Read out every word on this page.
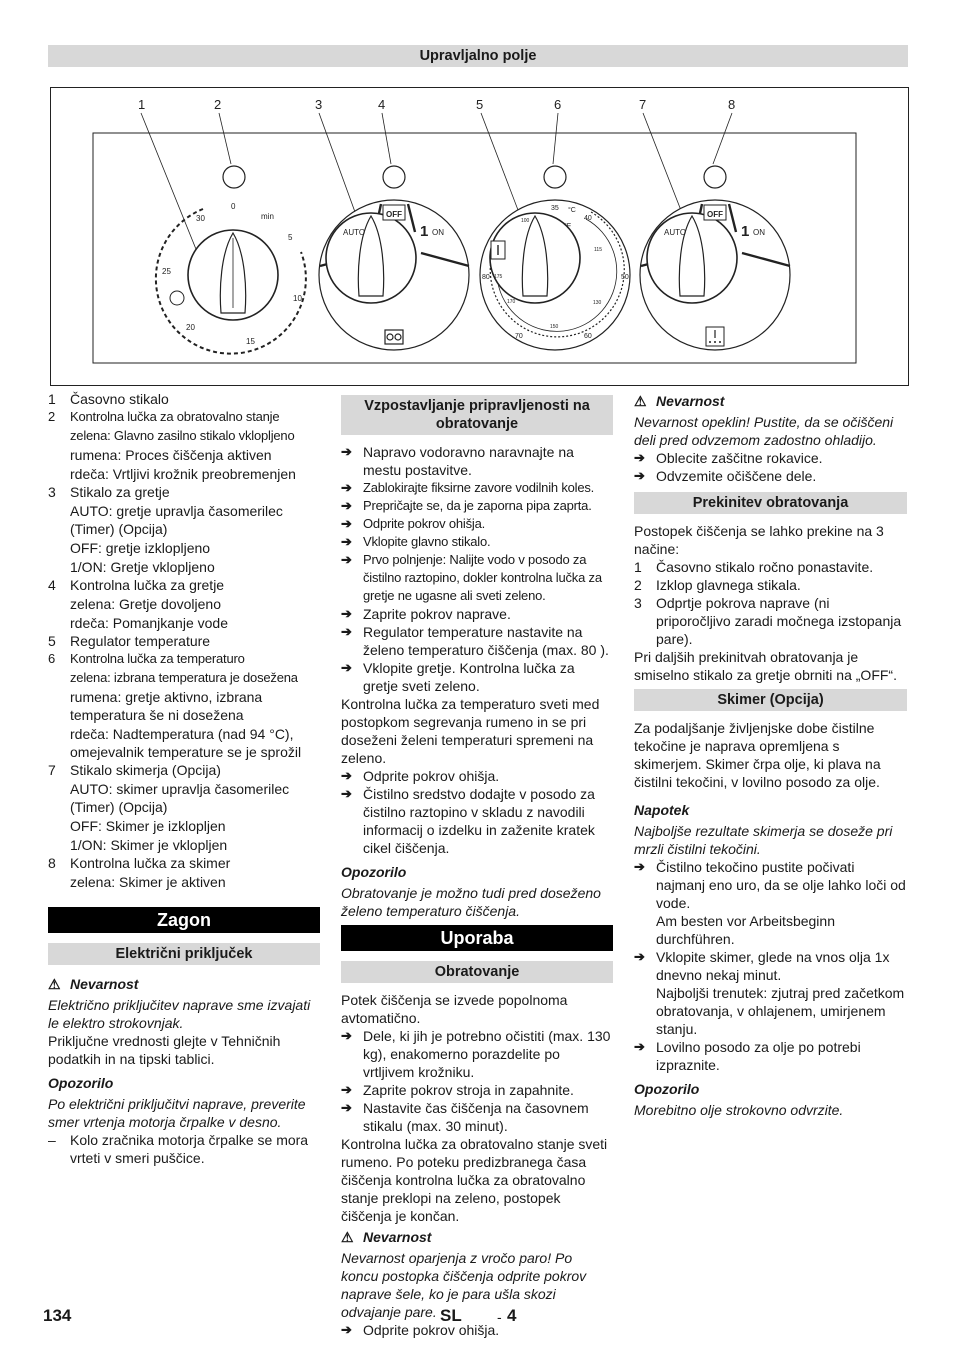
Upravljalno polje
1	2	3	4	5	6	7	8
0
min
5
10
15
20
25
30	OFF
AUTO	1 ON
35 °C
40
50
60
70
80
°F
150
130
115
175
170
100
OFF
AUTO	1 ON
1	Časovno stikalo
2	Kontrolna lučka za obratovalno stanje
zelena: Glavno zasilno stikalo vklopljeno
rumena: Proces čiščenja aktiven
rdeča: Vrtljivi krožnik preobremenjen
3	Stikalo za gretje
AUTO: gretje upravlja časomerilec (Timer) (Opcija)
OFF: gretje izklopljeno
1/ON: Gretje vklopljeno
4	Kontrolna lučka za gretje
zelena: Gretje dovoljeno
rdeča: Pomanjkanje vode
5	Regulator temperature
6	Kontrolna lučka za temperaturo
zelena: izbrana temperatura je dosežena
rumena: gretje aktivno, izbrana temperatura še ni dosežena
rdeča: Nadtemperatura (nad 94 °C), omejevalnik temperature se je sprožil
7	Stikalo skimerja (Opcija)
AUTO: skimer upravlja časomerilec (Timer) (Opcija)
OFF: Skimer je izklopljen
1/ON: Skimer je vklopljen
8	Kontrolna lučka za skimer
zelena: Skimer je aktiven
Zagon
Električni priključek
⚠ Nevarnost
Električno priključitev naprave sme izvajati le elektro strokovnjak.
Priključne vrednosti glejte v Tehničnih podatkih in na tipski tablici.
Opozorilo
Po električni priključitvi naprave, preverite smer vrtenja motorja črpalke v desno.
–	Kolo zračnika motorja črpalke se mora vrteti v smeri puščice.
Vzpostavljanje pripravljenosti na obratovanje
➔ Napravo vodoravno naravnajte na mestu postavitve.
➔ Zablokirajte fiksirne zavore vodilnih koles.
➔ Prepričajte se, da je zaporna pipa zaprta.
➔ Odprite pokrov ohišja.
➔ Vklopite glavno stikalo.
➔ Prvo polnjenje: Nalijte vodo v posodo za čistilno raztopino, dokler kontrolna lučka za gretje ne ugasne ali sveti zeleno.
➔ Zaprite pokrov naprave.
➔ Regulator temperature nastavite na želeno temperaturo čiščenja (max. 80 ).
➔ Vklopite gretje. Kontrolna lučka za gretje sveti zeleno.
Kontrolna lučka za temperaturo sveti med postopkom segrevanja rumeno in se pri doseženi želeni temperaturi spremeni na zeleno.
➔ Odprite pokrov ohišja.
➔ Čistilno sredstvo dodajte v posodo za čistilno raztopino v skladu z navodili informacij o izdelku in zaženite kratek cikel čiščenja.
Opozorilo
Obratovanje je možno tudi pred doseženo želeno temperaturo čiščenja.
Uporaba
Obratovanje
Potek čiščenja se izvede popolnoma avtomatično.
➔ Dele, ki jih je potrebno očistiti (max. 130 kg), enakomerno porazdelite po vrtljivem krožniku.
➔ Zaprite pokrov stroja in zapahnite.
➔ Nastavite čas čiščenja na časovnem stikalu (max. 30 minut).
Kontrolna lučka za obratovalno stanje sveti rumeno. Po poteku predizbranega časa čiščenja kontrolna lučka za obratovalno stanje preklopi na zeleno, postopek čiščenja je končan.
⚠ Nevarnost
Nevarnost oparjenja z vročo paro! Po koncu postopka čiščenja odprite pokrov naprave šele, ko je para ušla skozi odvajanje pare.
➔ Odprite pokrov ohišja.
⚠ Nevarnost
Nevarnost opeklin! Pustite, da se očiščeni deli pred odvzemom zadostno ohladijo.
➔ Oblecite zaščitne rokavice.
➔ Odvzemite očiščene dele.
Prekinitev obratovanja
Postopek čiščenja se lahko prekine na 3 načine:
1	Časovno stikalo ročno ponastavite.
2	Izklop glavnega stikala.
3	Odprtje pokrova naprave (ni priporočljivo zaradi močnega izstopanja pare).
Pri daljših prekinitvah obratovanja je smiselno stikalo za gretje obrniti na „OFF“.
Skimer (Opcija)
Za podaljšanje življenjske dobe čistilne tekočine je naprava opremljena s skimerjem. Skimer črpa olje, ki plava na čistilni tekočini, v lovilno posodo za olje.
Napotek
Najboljše rezultate skimerja se doseže pri mrzli čistilni tekočini.
➔ Čistilno tekočino pustite počivati najmanj eno uro, da se olje lahko loči od vode.
Am besten vor Arbeitsbeginn durchführen.
➔ Vklopite skimer, glede na vnos olja 1x dnevno nekaj minut.
Najboljši trenutek: zjutraj pred začetkom obratovanja, v ohlajenem, umirjenem stanju.
➔ Lovilno posodo za olje po potrebi izpraznite.
Opozorilo
Morebitno olje strokovno odvrzite.
134	SL	- 4
